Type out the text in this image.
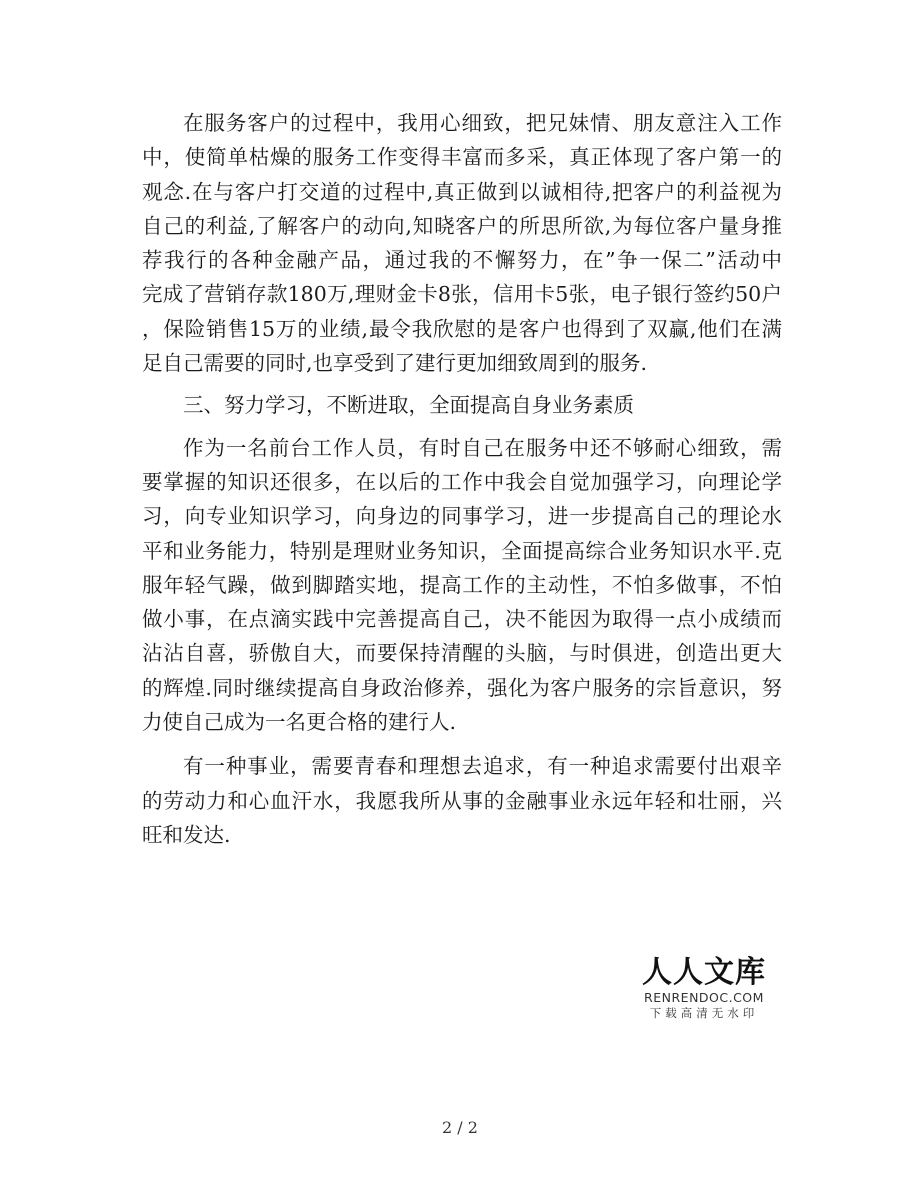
在服务客户的过程中，我用心细致，把兄妹情、朋友意注入工作
中，使简单枯燥的服务工作变得丰富而多采，真正体现了客户第一的
观念.在与客户打交道的过程中,真正做到以诚相待,把客户的利益视为
自己的利益,了解客户的动向,知晓客户的所思所欲,为每位客户量身推
荐我行的各种金融产品，通过我的不懈努力，在”争一保二”活动中
完成了营销存款180万,理财金卡8张，信用卡5张，电子银行签约50户
，保险销售15万的业绩,最令我欣慰的是客户也得到了双赢,他们在满
足自己需要的同时,也享受到了建行更加细致周到的服务.
三、努力学习，不断进取，全面提高自身业务素质
作为一名前台工作人员，有时自己在服务中还不够耐心细致，需
要掌握的知识还很多，在以后的工作中我会自觉加强学习，向理论学
习，向专业知识学习，向身边的同事学习，进一步提高自己的理论水
平和业务能力，特别是理财业务知识，全面提高综合业务知识水平.克
服年轻气躁，做到脚踏实地，提高工作的主动性，不怕多做事，不怕
做小事，在点滴实践中完善提高自己，决不能因为取得一点小成绩而
沾沾自喜，骄傲自大，而要保持清醒的头脑，与时俱进，创造出更大
的辉煌.同时继续提高自身政治修养，强化为客户服务的宗旨意识，努
力使自己成为一名更合格的建行人.
有一种事业，需要青春和理想去追求，有一种追求需要付出艰辛
的劳动力和心血汗水，我愿我所从事的金融事业永远年轻和壮丽，兴
旺和发达.
人人文库
RENRENDOC.COM
下载高清无水印
2 / 2
